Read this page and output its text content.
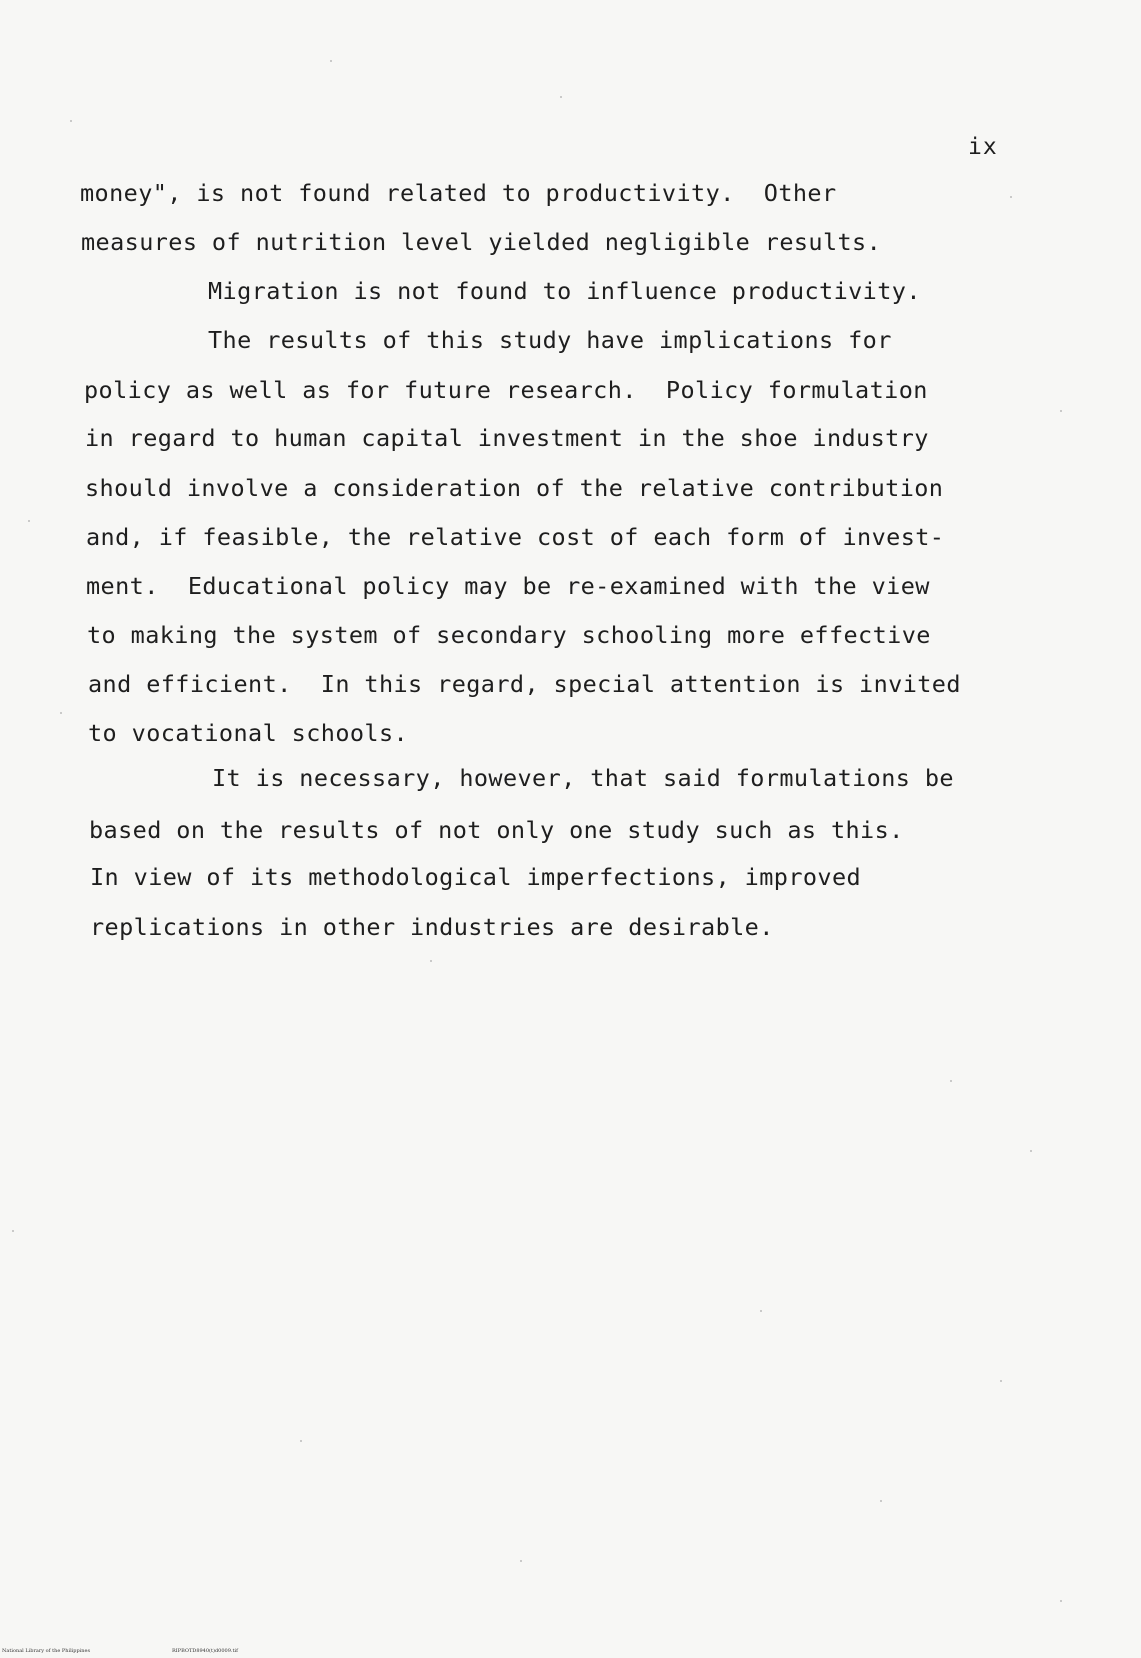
ix
money", is not found related to productivity.  Other
measures of nutrition level yielded negligible results.
Migration is not found to influence productivity.
The results of this study have implications for
policy as well as for future research.  Policy formulation
in regard to human capital investment in the shoe industry
should involve a consideration of the relative contribution
and, if feasible, the relative cost of each form of invest-
ment.  Educational policy may be re-examined with the view
to making the system of secondary schooling more effective
and efficient.  In this regard, special attention is invited
to vocational schools.
It is necessary, however, that said formulations be
based on the results of not only one study such as this.
In view of its methodological imperfections, improved
replications in other industries are desirable.
National Library of the Philippines	RIPBOTD8940(t)d0009.tif
